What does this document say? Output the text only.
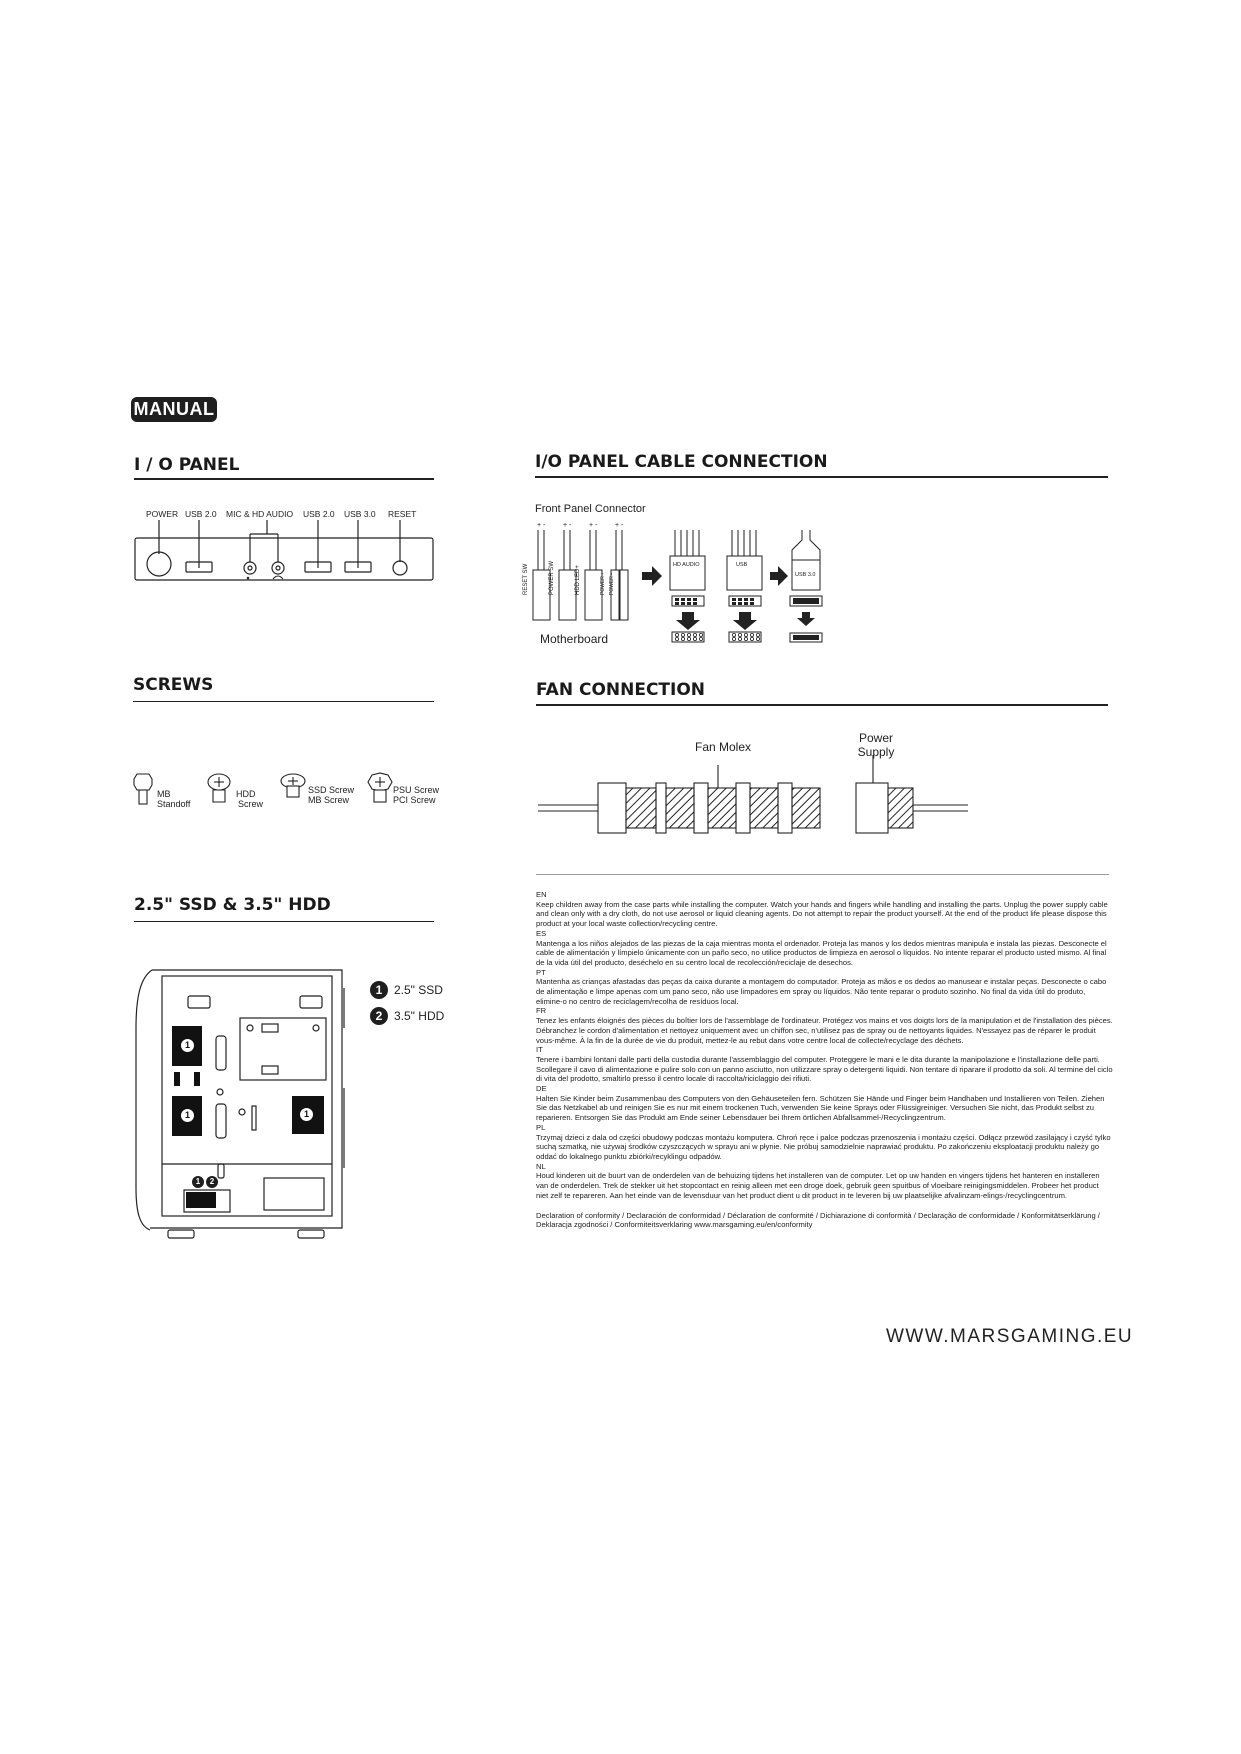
MANUAL
I / O PANEL
POWER USB 2.0 MIC & HD AUDIO USB 2.0 USB 3.0 RESET
I/O PANEL CABLE CONNECTION
Front Panel Connector
Motherboard
+ -	+ -	+ -	+ -
RESET SW	POWER SW	HDD LED+	POWER + POWER -
HD AUDIO	USB
USB 3.0
SCREWS
MB
Standoff
HDD
Screw
SSD Screw
MB Screw
PSU Screw
PCI Screw
FAN CONNECTION
Fan Molex
Power
Supply
EN
Keep children away from the case parts while installing the computer. Watch your hands and fingers while handling and installing the parts. Unplug the power supply cable and clean only with a dry cloth, do not use aerosol or liquid cleaning agents. Do not attempt to repair the product yourself. At the end of the product life please dispose this product at your local waste collection/recycling centre.
ES
Mantenga a los niños alejados de las piezas de la caja mientras monta el ordenador. Proteja las manos y los dedos mientras manipula e instala las piezas. Desconecte el cable de alimentación y límpielo únicamente con un paño seco, no utilice productos de limpieza en aerosol o líquidos. No intente reparar el producto usted mismo. Al final de la vida útil del producto, deséchelo en su centro local de recolección/reciclaje de desechos.
PT
Mantenha as crianças afastadas das peças da caixa durante a montagem do computador. Proteja as mãos e os dedos ao manusear e instalar peças. Desconecte o cabo de alimentação e limpe apenas com um pano seco, não use limpadores em spray ou líquidos. Não tente reparar o produto sozinho. No final da vida útil do produto, elimine-o no centro de reciclagem/recolha de resíduos local.
FR
Tenez les enfants éloignés des pièces du boîtier lors de l'assemblage de l'ordinateur. Protégez vos mains et vos doigts lors de la manipulation et de l'installation des pièces. Débranchez le cordon d'alimentation et nettoyez uniquement avec un chiffon sec, n'utilisez pas de spray ou de nettoyants liquides. N'essayez pas de réparer le produit vous-même. À la fin de la durée de vie du produit, mettez-le au rebut dans votre centre local de collecte/recyclage des déchets.
IT
Tenere i bambini lontani dalle parti della custodia durante l'assemblaggio del computer. Proteggere le mani e le dita durante la manipolazione e l'installazione delle parti. Scollegare il cavo di alimentazione e pulire solo con un panno asciutto, non utilizzare spray o detergenti liquidi. Non tentare di riparare il prodotto da soli. Al termine del ciclo di vita del prodotto, smaltirlo presso il centro locale di raccolta/riciclaggio dei rifiuti.
DE
Halten Sie Kinder beim Zusammenbau des Computers von den Gehäuseteilen fern. Schützen Sie Hände und Finger beim Handhaben und Installieren von Teilen. Ziehen Sie das Netzkabel ab und reinigen Sie es nur mit einem trockenen Tuch, verwenden Sie keine Sprays oder Flüssigreiniger. Versuchen Sie nicht, das Produkt selbst zu reparieren. Entsorgen Sie das Produkt am Ende seiner Lebensdauer bei Ihrem örtlichen Abfallsammel-/Recyclingzentrum.
PL
Trzymaj dzieci z dala od części obudowy podczas montażu komputera. Chroń ręce i palce podczas przenoszenia i montażu części. Odłącz przewód zasilający i czyść tylko suchą szmatką, nie używaj środków czyszczących w sprayu ani w płynie. Nie próbuj samodzielnie naprawiać produktu. Po zakończeniu eksploatacji produktu należy go oddać do lokalnego punktu zbiórki/recyklingu odpadów.
NL
Houd kinderen uit de buurt van de onderdelen van de behuizing tijdens het installeren van de computer. Let op uw handen en vingers tijdens het hanteren en installeren van de onderdelen. Trek de stekker uit het stopcontact en reinig alleen met een droge doek, gebruik geen spuitbus of vloeibare reinigingsmiddelen. Probeer het product niet zelf te repareren. Aan het einde van de levensduur van het product dient u dit product in te leveren bij uw plaatselijke afvalinzam-elings-/recyclingcentrum.
Declaration of conformity / Declaración de conformidad / Déclaration de conformité / Dichiarazione di conformità / Declaração de conformidade / Konformitätserklärung / Deklaracja zgodności / Conformiteitsverklaring www.marsgaming.eu/en/conformity
2.5" SSD & 3.5" HDD
1
1	1
1	2
1 2.5" SSD
2 3.5" HDD
WWW.MARSGAMING.EU
